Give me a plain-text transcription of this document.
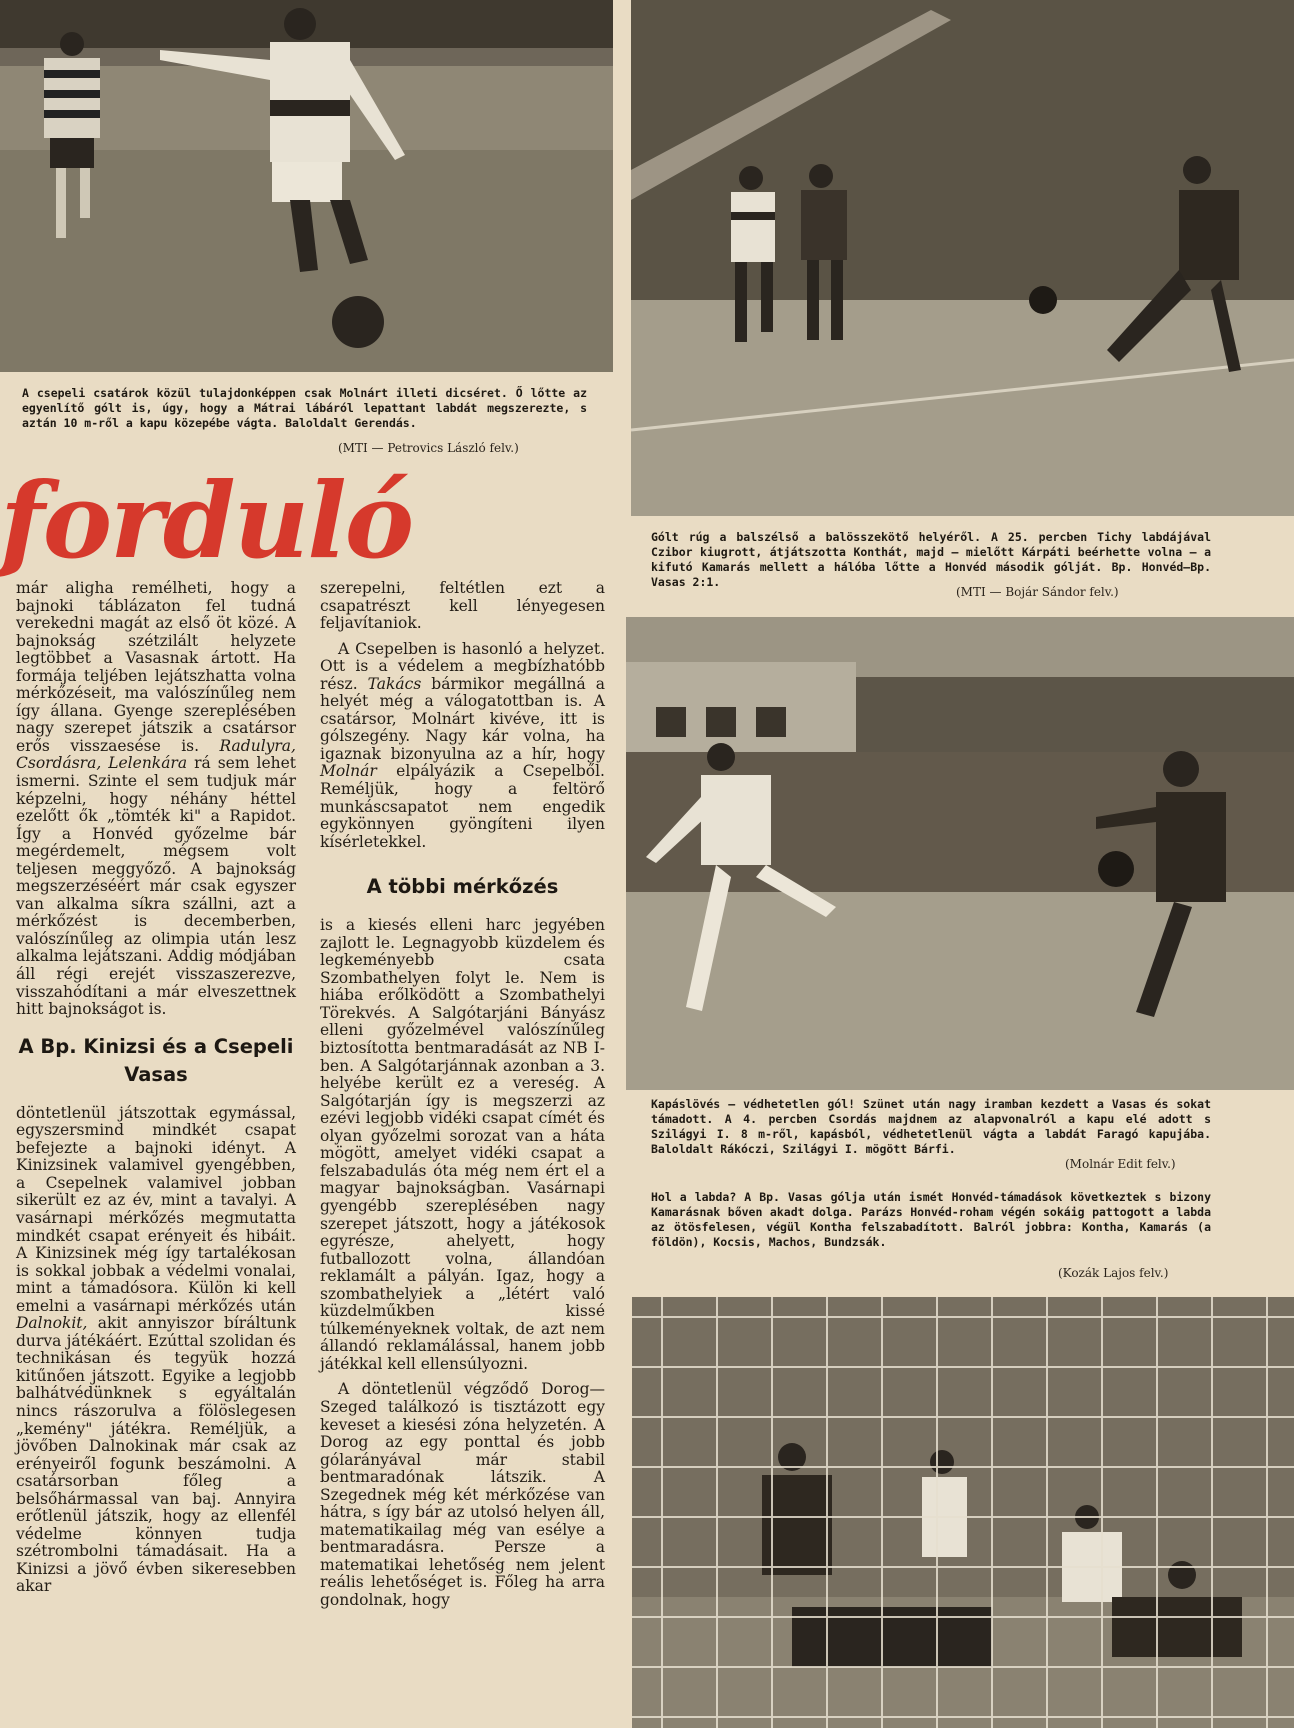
A csepeli csatárok közül tulajdonképpen csak Molnárt illeti dicséret. Ő lőtte az egyenlítő gólt is, úgy, hogy a Mátrai lábáról lepattant labdát megszerezte, s aztán 10 m-ről a kapu közepébe vágta. Baloldalt Gerendás.
(MTI — Petrovics László felv.)
Gólt rúg a balszélső a balösszekötő helyéről. A 25. percben Tichy labdájával Czibor kiugrott, átjátszotta Konthát, majd — mielőtt Kárpáti beérhette volna — a kifutó Kamarás mellett a hálóba lőtte a Honvéd második gólját. Bp. Honvéd—Bp. Vasas 2:1.
(MTI — Bojár Sándor felv.)
Kapáslövés — védhetetlen gól! Szünet után nagy iramban kezdett a Vasas és sokat támadott. A 4. percben Csordás majdnem az alapvonalról a kapu elé adott s Szilágyi I. 8 m-ről, kapásból, védhetetlenül vágta a labdát Faragó kapujába. Baloldalt Rákóczi, Szilágyi I. mögött Bárfi.
(Molnár Edit felv.)
Hol a labda? A Bp. Vasas gólja után ismét Honvéd-támadások következtek s bizony Kamarásnak bőven akadt dolga. Parázs Honvéd-roham végén sokáig pattogott a labda az ötösfelesen, végül Kontha felszabadított. Balról jobbra: Kontha, Kamarás (a földön), Kocsis, Machos, Bundzsák.
(Kozák Lajos felv.)
forduló

már aligha remélheti, hogy a bajnoki táblázaton fel tudná verekedni magát az első öt közé. A bajnokság szétzilált helyzete legtöbbet a Vasasnak ártott. Ha formája teljében lejátszhatta volna mérkőzéseit, ma valószínűleg nem így állana. Gyenge szereplésében nagy szerepet játszik a csatársor erős visszaesése is. Radulyra, Csordásra, Lelenkára rá sem lehet ismerni. Szinte el sem tudjuk már képzelni, hogy néhány héttel ezelőtt ők „tömték ki" a Rapidot. Így a Honvéd győzelme bár megérdemelt, mégsem volt teljesen meggyőző. A bajnokság megszerzéséért már csak egyszer van alkalma síkra szállni, azt a mérkőzést is decemberben, valószínűleg az olimpia után lesz alkalma lejátszani. Addig módjában áll régi erejét visszaszerezve, visszahódítani a már elveszettnek hitt bajnokságot is.

A Bp. Kinizsi és a Csepeli Vasas

döntetlenül játszottak egymással, egyszersmind mindkét csapat befejezte a bajnoki idényt. A Kinizsinek valamivel gyengébben, a Csepelnek valamivel jobban sikerült ez az év, mint a tavalyi. A vasárnapi mérkőzés megmutatta mindkét csapat erényeit és hibáit. A Kinizsinek még így tartalékosan is sokkal jobbak a védelmi vonalai, mint a támadósora. Külön ki kell emelni a vasárnapi mérkőzés után Dalnokit, akit annyiszor bíráltunk durva játékáért. Ezúttal szolidan és technikásan és tegyük hozzá kitűnően játszott. Egyike a legjobb balhátvédünknek s egyáltalán nincs rászorulva a fölöslegesen „kemény" játékra. Reméljük, a jövőben Dalnokinak már csak az erényeiről fogunk beszámolni. A csatársorban főleg a belsőhármassal van baj. Annyira erőtlenül játszik, hogy az ellenfél védelme könnyen tudja szétrombolni támadásait. Ha a Kinizsi a jövő évben sikeresebben akar

szerepelni, feltétlen ezt a csapatrészt kell lényegesen feljavítaniok.

A Csepelben is hasonló a helyzet. Ott is a védelem a megbízhatóbb rész. Takács bármikor megállná a helyét még a válogatottban is. A csatársor, Molnárt kivéve, itt is gólszegény. Nagy kár volna, ha igaznak bizonyulna az a hír, hogy Molnár elpályázik a Csepelből. Reméljük, hogy a feltörő munkáscsapatot nem engedik egykönnyen gyöngíteni ilyen kísérletekkel.

A többi mérkőzés

is a kiesés elleni harc jegyében zajlott le. Legnagyobb küzdelem és legkeményebb csata Szombathelyen folyt le. Nem is hiába erőlködött a Szombathelyi Törekvés. A Salgótarjáni Bányász elleni győzelmével valószínűleg biztosította bentmaradását az NB I-ben. A Salgótarjánnak azonban a 3. helyébe került ez a vereség. A Salgótarján így is megszerzi az ezévi legjobb vidéki csapat címét és olyan győzelmi sorozat van a háta mögött, amelyet vidéki csapat a felszabadulás óta még nem ért el a magyar bajnokságban. Vasárnapi gyengébb szereplésében nagy szerepet játszott, hogy a játékosok egyrésze, ahelyett, hogy futballozott volna, állandóan reklamált a pályán. Igaz, hogy a szombathelyiek a „létért való küzdelműkben kissé túlkeményeknek voltak, de azt nem állandó reklamálással, hanem jobb játékkal kell ellensúlyozni.

A döntetlenül végződő Dorog—Szeged találkozó is tisztázott egy keveset a kiesési zóna helyzetén. A Dorog az egy ponttal és jobb gólarányával már stabil bentmaradónak látszik. A Szegednek még két mérkőzése van hátra, s így bár az utolsó helyen áll, matematikailag még van esélye a bentmaradásra. Persze a matematikai lehetőség nem jelent reális lehetőséget is. Főleg ha arra gondolnak, hogy
